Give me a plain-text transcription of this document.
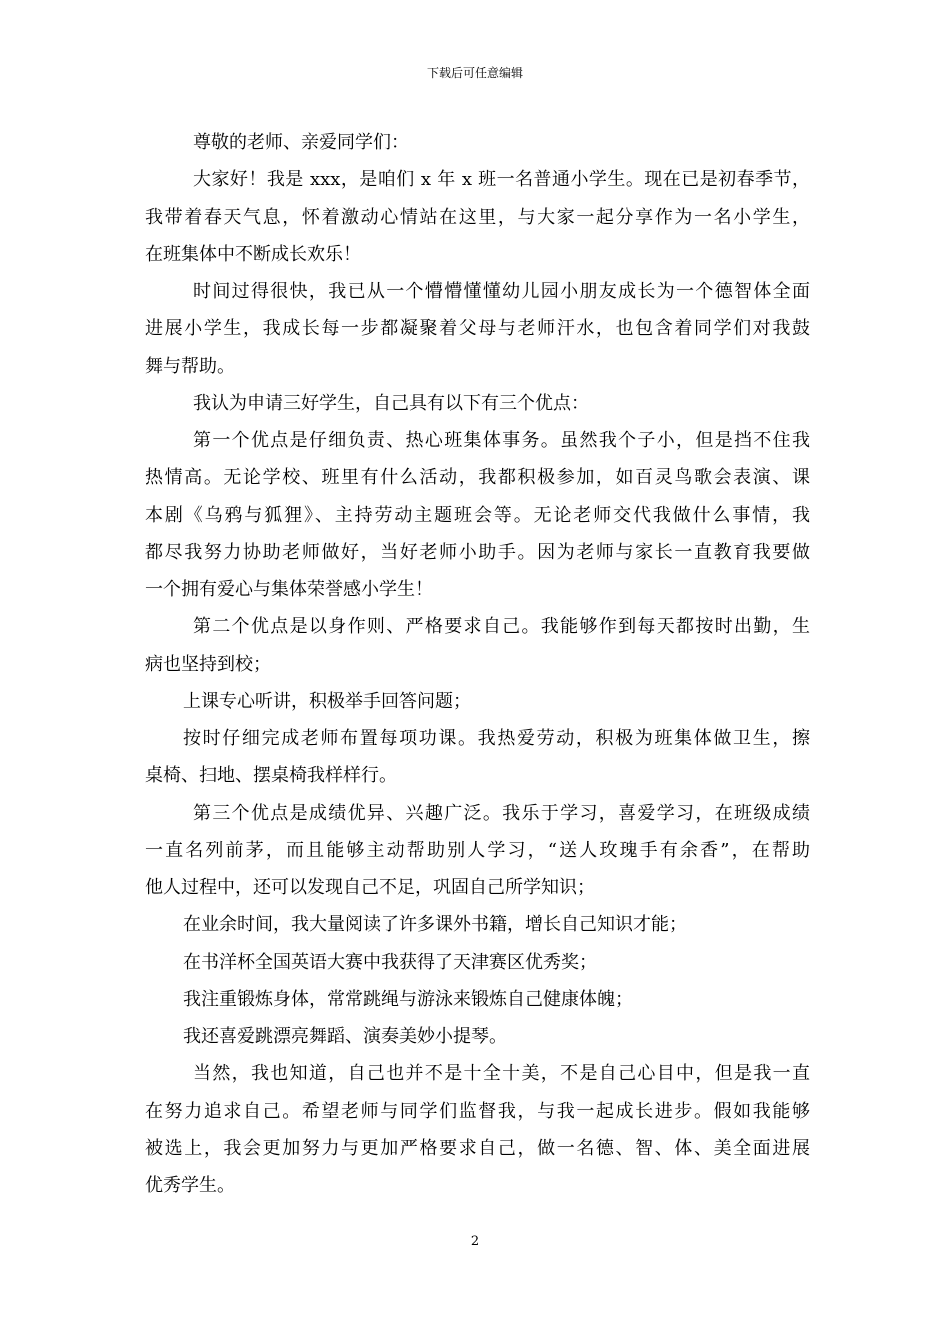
下载后可任意编辑
尊敬的老师、亲爱同学们：
大家好！我是 xxx，是咱们 x 年 x 班一名普通小学生。现在已是初春季节，
我带着春天气息，怀着激动心情站在这里，与大家一起分享作为一名小学生，
在班集体中不断成长欢乐！
时间过得很快，我已从一个懵懵懂懂幼儿园小朋友成长为一个德智体全面
进展小学生，我成长每一步都凝聚着父母与老师汗水，也包含着同学们对我鼓
舞与帮助。
我认为申请三好学生，自己具有以下有三个优点：
第一个优点是仔细负责、热心班集体事务。虽然我个子小，但是挡不住我
热情高。无论学校、班里有什么活动，我都积极参加，如百灵鸟歌会表演、课
本剧《乌鸦与狐狸》、主持劳动主题班会等。无论老师交代我做什么事情，我
都尽我努力协助老师做好，当好老师小助手。因为老师与家长一直教育我要做
一个拥有爱心与集体荣誉感小学生！
第二个优点是以身作则、严格要求自己。我能够作到每天都按时出勤，生
病也坚持到校；
上课专心听讲，积极举手回答问题；
按时仔细完成老师布置每项功课。我热爱劳动，积极为班集体做卫生，擦
桌椅、扫地、摆桌椅我样样行。
第三个优点是成绩优异、兴趣广泛。我乐于学习，喜爱学习，在班级成绩
一直名列前茅，而且能够主动帮助别人学习，“送人玫瑰手有余香”，在帮助
他人过程中，还可以发现自己不足，巩固自己所学知识；
在业余时间，我大量阅读了许多课外书籍，增长自己知识才能；
在书洋杯全国英语大赛中我获得了天津赛区优秀奖；
我注重锻炼身体，常常跳绳与游泳来锻炼自己健康体魄；
我还喜爱跳漂亮舞蹈、演奏美妙小提琴。
当然，我也知道，自己也并不是十全十美，不是自己心目中，但是我一直
在努力追求自己。希望老师与同学们监督我，与我一起成长进步。假如我能够
被选上，我会更加努力与更加严格要求自己，做一名德、智、体、美全面进展
优秀学生。
2
